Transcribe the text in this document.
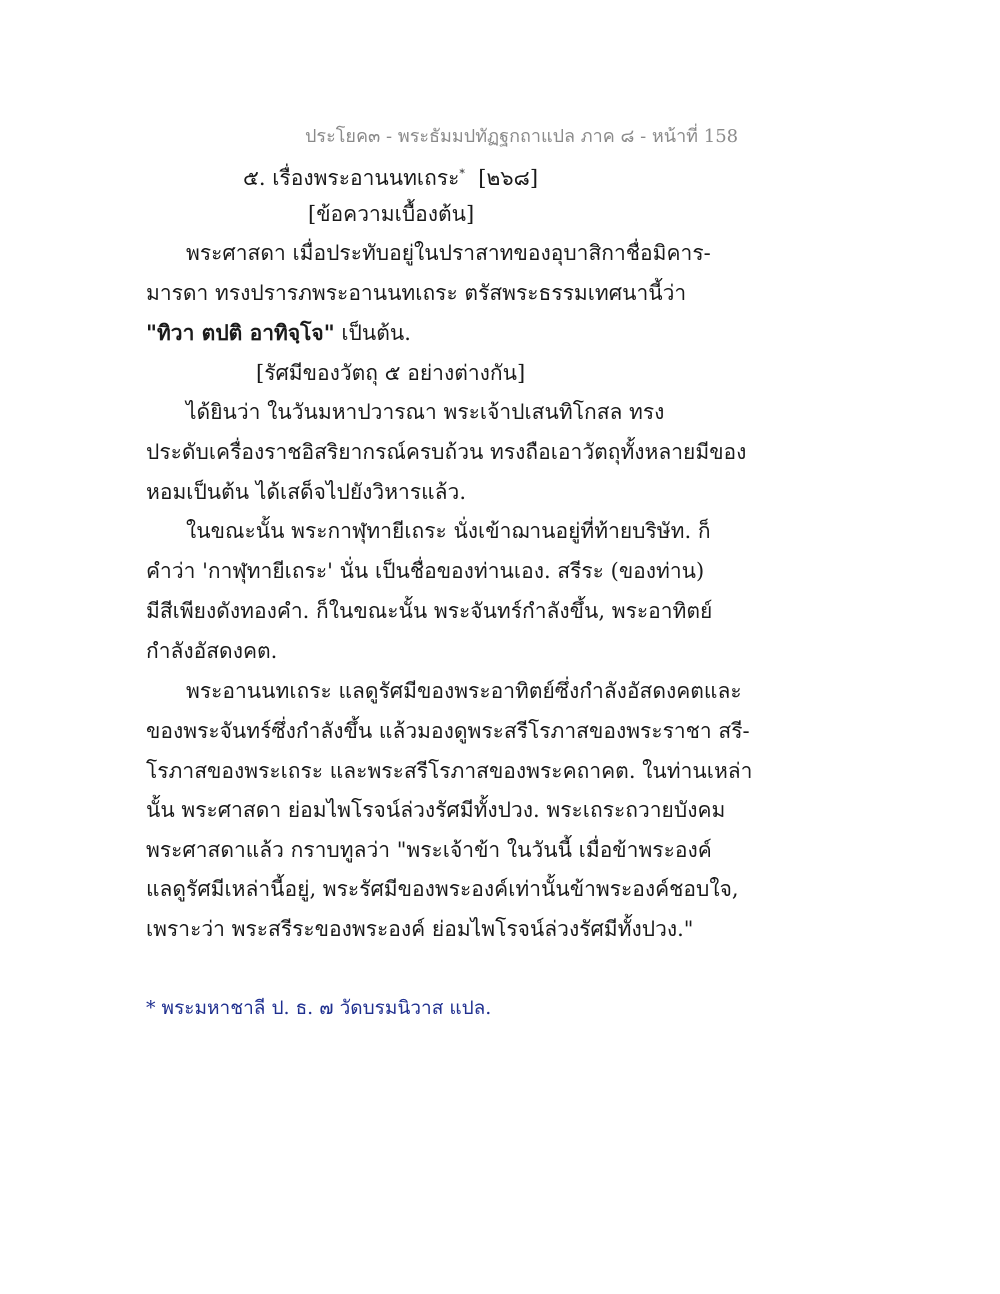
ประโยค๓ - พระธัมมปทัฏฐกถาแปล ภาค ๘ - หน้าที่ 158
๕. เรื่องพระอานนทเถระ* [๒๖๘]
[ข้อความเบื้องต้น]
พระศาสดา เมื่อประทับอยู่ในปราสาทของอุบาสิกาชื่อมิคาร-
มารดา ทรงปรารภพระอานนทเถระ ตรัสพระธรรมเทศนานี้ว่า
"ทิวา ตปติ อาทิจฺโจ" เป็นต้น.
[รัศมีของวัตถุ ๕ อย่างต่างกัน]
ได้ยินว่า ในวันมหาปวารณา พระเจ้าปเสนทิโกสล ทรง
ประดับเครื่องราชอิสริยากรณ์ครบถ้วน ทรงถือเอาวัตถุทั้งหลายมีของ
หอมเป็นต้น ได้เสด็จไปยังวิหารแล้ว.
ในขณะนั้น พระกาฬุทายีเถระ นั่งเข้าฌานอยู่ที่ท้ายบริษัท. ก็
คำว่า 'กาฬุทายีเถระ' นั่น เป็นชื่อของท่านเอง. สรีระ (ของท่าน)
มีสีเพียงดังทองคำ. ก็ในขณะนั้น พระจันทร์กำลังขึ้น, พระอาทิตย์
กำลังอัสดงคต.
พระอานนทเถระ แลดูรัศมีของพระอาทิตย์ซึ่งกำลังอัสดงคตและ
ของพระจันทร์ซึ่งกำลังขึ้น แล้วมองดูพระสรีโรภาสของพระราชา สรี-
โรภาสของพระเถระ และพระสรีโรภาสของพระคถาคต. ในท่านเหล่า
นั้น พระศาสดา ย่อมไพโรจน์ล่วงรัศมีทั้งปวง. พระเถระถวายบังคม
พระศาสดาแล้ว กราบทูลว่า "พระเจ้าข้า ในวันนี้ เมื่อข้าพระองค์
แลดูรัศมีเหล่านี้อยู่, พระรัศมีของพระองค์เท่านั้นข้าพระองค์ชอบใจ,
เพราะว่า พระสรีระของพระองค์ ย่อมไพโรจน์ล่วงรัศมีทั้งปวง."
* พระมหาชาลี ป. ธ. ๗ วัดบรมนิวาส แปล.
